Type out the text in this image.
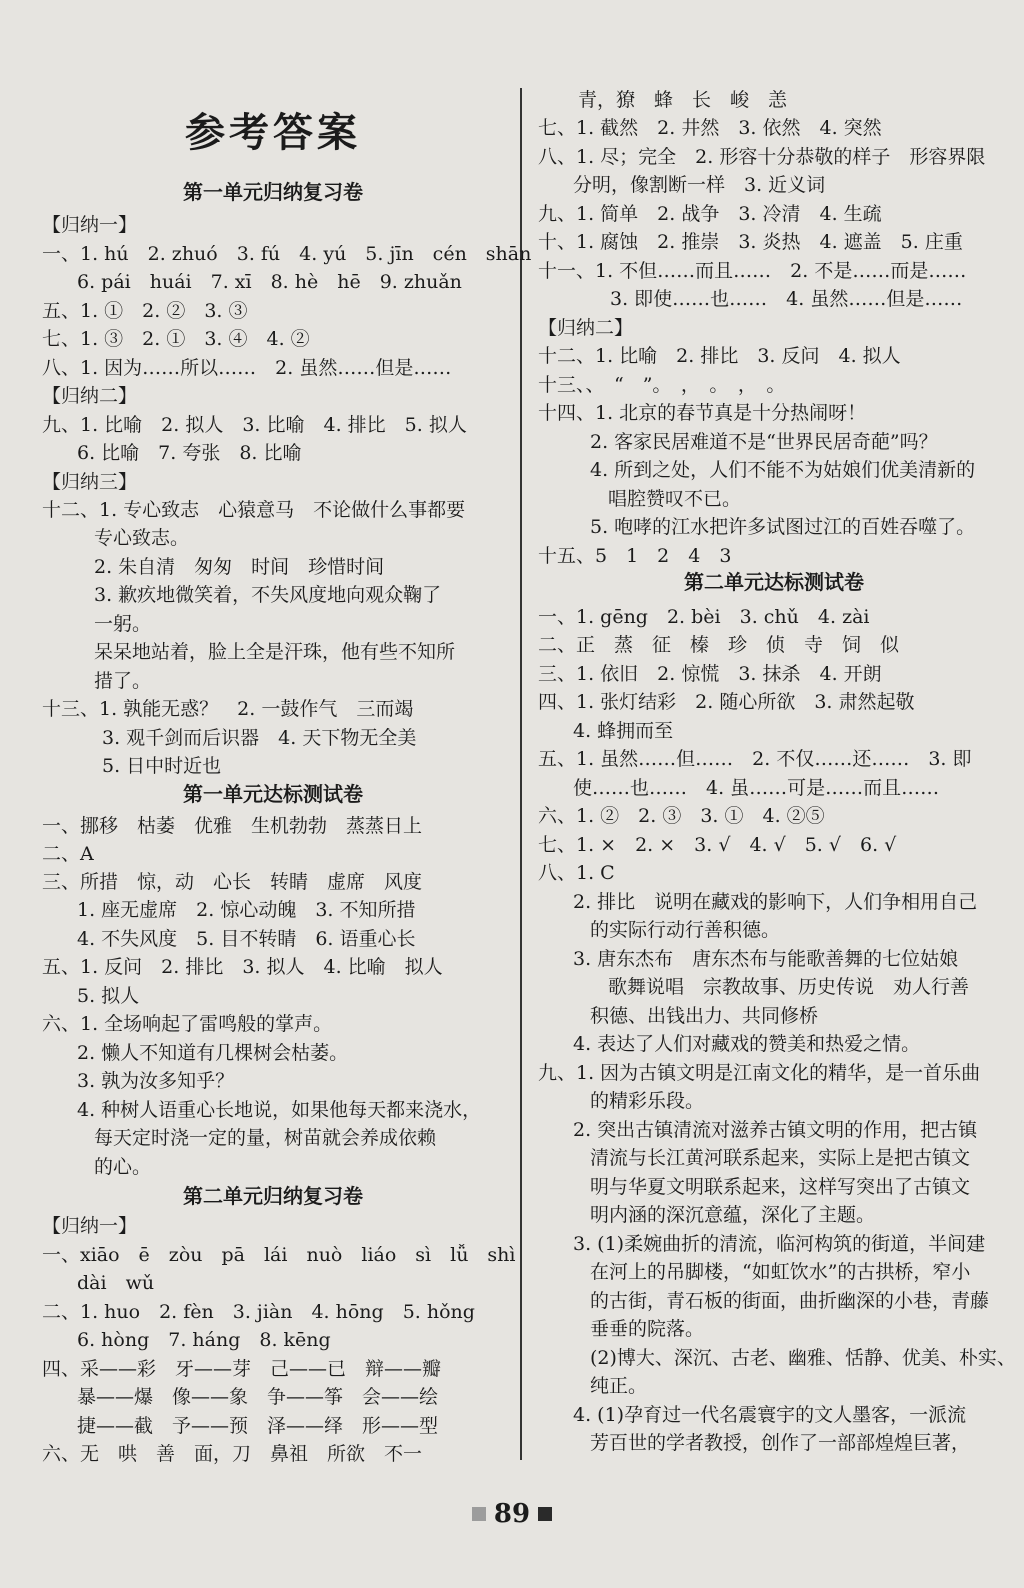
参考答案
第一单元归纳复习卷
【归纳一】
一、1. hú　2. zhuó　3. fú　4. yú　5. jīn　cén　shān
6. pái　huái　7. xī　8. hè　hē　9. zhuǎn
五、1. ①　2. ②　3. ③
七、1. ③　2. ①　3. ④　4. ②
八、1. 因为……所以……　2. 虽然……但是……
【归纳二】
九、1. 比喻　2. 拟人　3. 比喻　4. 排比　5. 拟人
6. 比喻　7. 夸张　8. 比喻
【归纳三】
十二、1. 专心致志　心猿意马　不论做什么事都要
专心致志。
2. 朱自清　匆匆　时间　珍惜时间
3. 歉疚地微笑着，不失风度地向观众鞠了
一躬。
呆呆地站着，脸上全是汗珠，他有些不知所
措了。
十三、1. 孰能无惑？　2. 一鼓作气　三而竭
3. 观千剑而后识器　4. 天下物无全美
5. 日中时近也
第一单元达标测试卷
一、挪移　枯萎　优雅　生机勃勃　蒸蒸日上
二、A
三、所措　惊，动　心长　转睛　虚席　风度
1. 座无虚席　2. 惊心动魄　3. 不知所措
4. 不失风度　5. 目不转睛　6. 语重心长
五、1. 反问　2. 排比　3. 拟人　4. 比喻　拟人
5. 拟人
六、1. 全场响起了雷鸣般的掌声。
2. 懒人不知道有几棵树会枯萎。
3. 孰为汝多知乎？
4. 种树人语重心长地说，如果他每天都来浇水，
每天定时浇一定的量，树苗就会养成依赖
的心。
第二单元归纳复习卷
【归纳一】
一、xiāo　ē　zòu　pā　lái　nuò　liáo　sì　lǚ　shì
dài　wǔ
二、1. huo　2. fèn　3. jiàn　4. hōng　5. hǒng
6. hòng　7. háng　8. kēng
四、采——彩　牙——芽　己——已　辩——瓣
暴——爆　像——象　争——筝　会——绘
捷——截　予——预　泽——绎　形——型
六、无　哄　善　面，刀　鼻祖　所欲　不一
青，獠　蜂　长　峻　恙
七、1. 截然　2. 井然　3. 依然　4. 突然
八、1. 尽；完全　2. 形容十分恭敬的样子　形容界限
分明，像割断一样　3. 近义词
九、1. 简单　2. 战争　3. 冷清　4. 生疏
十、1. 腐蚀　2. 推崇　3. 炎热　4. 遮盖　5. 庄重
十一、1. 不但……而且……　2. 不是……而是……
3. 即使……也……　4. 虽然……但是……
【归纳二】
十二、1. 比喻　2. 排比　3. 反问　4. 拟人
十三、、　“　”。　，　。　，　。
十四、1. 北京的春节真是十分热闹呀！
2. 客家民居难道不是“世界民居奇葩”吗？
4. 所到之处，人们不能不为姑娘们优美清新的
唱腔赞叹不已。
5. 咆哮的江水把许多试图过江的百姓吞噬了。
十五、5　1　2　4　3
第二单元达标测试卷
一、1. gēng　2. bèi　3. chǔ　4. zài
二、正　蒸　征　榛　珍　侦　寺　饲　似
三、1. 依旧　2. 惊慌　3. 抹杀　4. 开朗
四、1. 张灯结彩　2. 随心所欲　3. 肃然起敬
4. 蜂拥而至
五、1. 虽然……但……　2. 不仅……还……　3. 即
使……也……　4. 虽……可是……而且……
六、1. ②　2. ③　3. ①　4. ②⑤
七、1. ×　2. ×　3. √　4. √　5. √　6. √
八、1. C
2. 排比　说明在藏戏的影响下，人们争相用自己
的实际行动行善积德。
3. 唐东杰布　唐东杰布与能歌善舞的七位姑娘
歌舞说唱　宗教故事、历史传说　劝人行善
积德、出钱出力、共同修桥
4. 表达了人们对藏戏的赞美和热爱之情。
九、1. 因为古镇文明是江南文化的精华，是一首乐曲
的精彩乐段。
2. 突出古镇清流对滋养古镇文明的作用，把古镇
清流与长江黄河联系起来，实际上是把古镇文
明与华夏文明联系起来，这样写突出了古镇文
明内涵的深沉意蕴，深化了主题。
3. (1)柔婉曲折的清流，临河构筑的街道，半间建
在河上的吊脚楼，“如虹饮水”的古拱桥，窄小
的古街，青石板的街面，曲折幽深的小巷，青藤
垂垂的院落。
(2)博大、深沉、古老、幽雅、恬静、优美、朴实、
纯正。
4. (1)孕育过一代名震寰宇的文人墨客，一派流
芳百世的学者教授，创作了一部部煌煌巨著，
89
